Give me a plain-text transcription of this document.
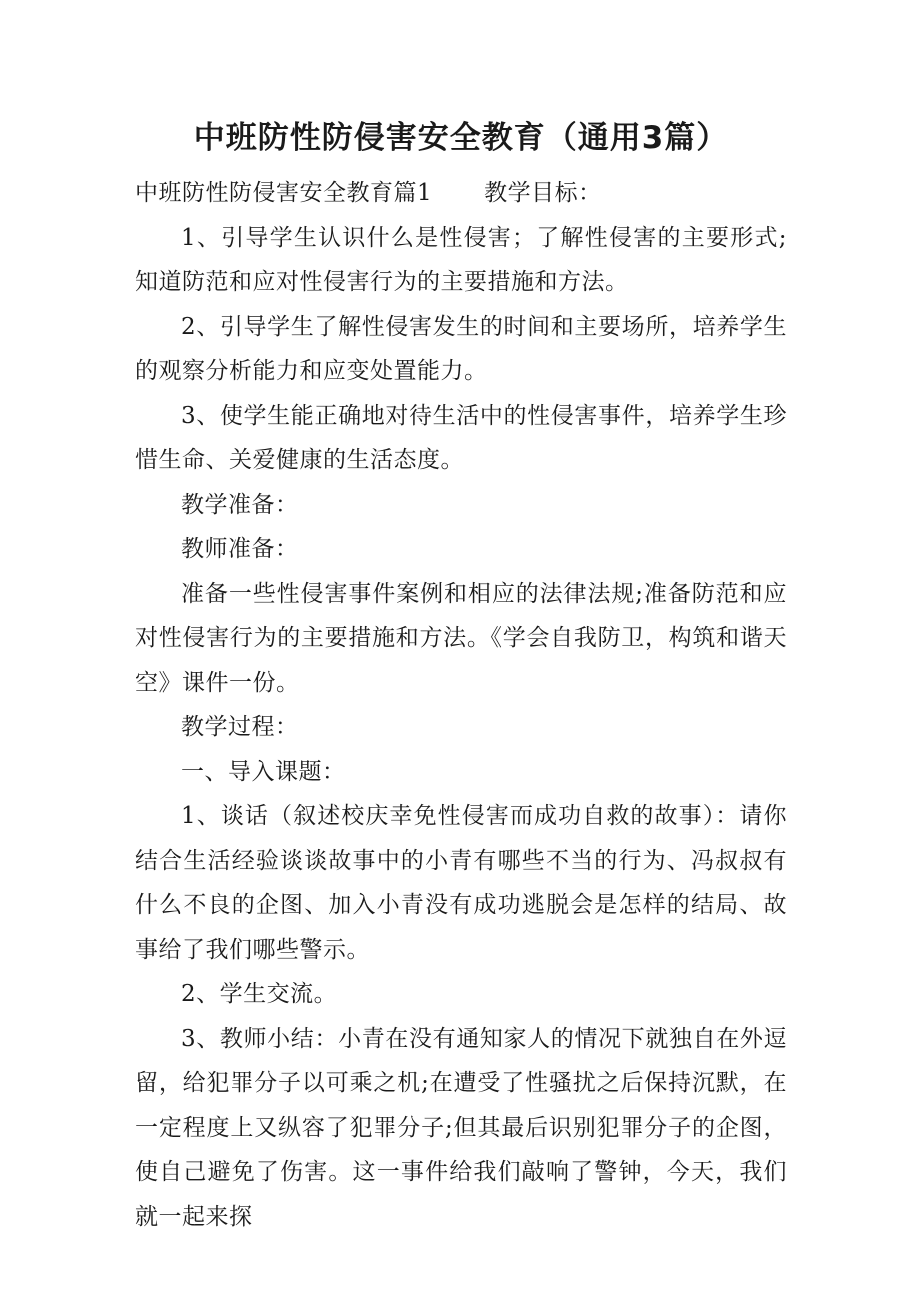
中班防性防侵害安全教育（通用3篇）

中班防性防侵害安全教育篇1 教学目标：

1、引导学生认识什么是性侵害；了解性侵害的主要形式;知道防范和应对性侵害行为的主要措施和方法。

2、引导学生了解性侵害发生的时间和主要场所，培养学生的观察分析能力和应变处置能力。

3、使学生能正确地对待生活中的性侵害事件，培养学生珍惜生命、关爱健康的生活态度。

教学准备：

教师准备：

准备一些性侵害事件案例和相应的法律法规;准备防范和应对性侵害行为的主要措施和方法。《学会自我防卫，构筑和谐天空》课件一份。

教学过程：

一、导入课题：

1、谈话（叙述校庆幸免性侵害而成功自救的故事）：请你结合生活经验谈谈故事中的小青有哪些不当的行为、冯叔叔有什么不良的企图、加入小青没有成功逃脱会是怎样的结局、故事给了我们哪些警示。

2、学生交流。

3、教师小结：小青在没有通知家人的情况下就独自在外逗留，给犯罪分子以可乘之机;在遭受了性骚扰之后保持沉默，在一定程度上又纵容了犯罪分子;但其最后识别犯罪分子的企图，使自己避免了伤害。这一事件给我们敲响了警钟，今天，我们就一起来探
